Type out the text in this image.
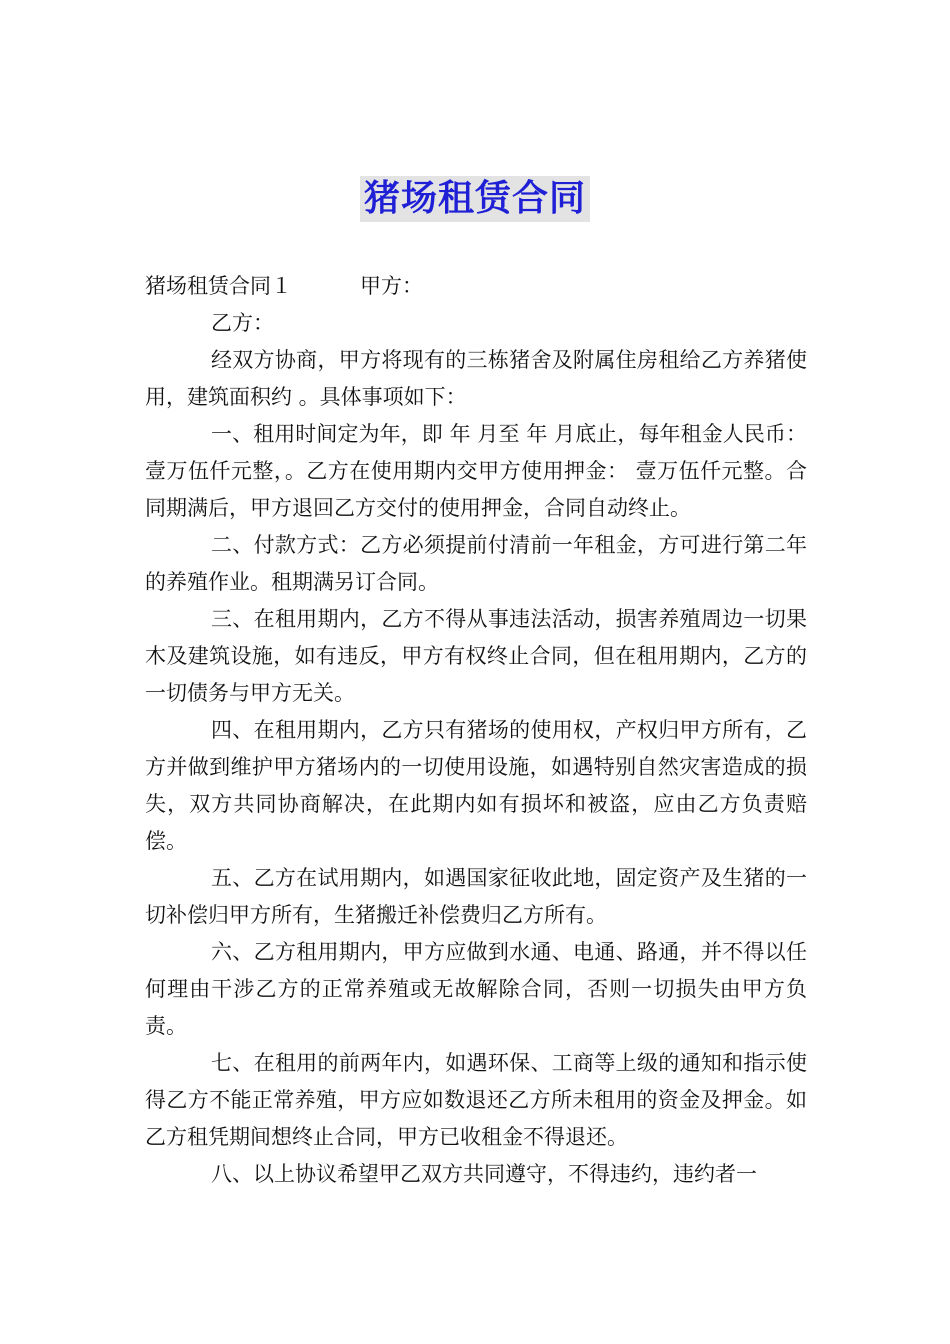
猪场租赁合同
猪场租赁合同１	甲方：

乙方：

经双方协商，甲方将现有的三栋猪舍及附属住房租给乙方养猪使用，建筑面积约 。具体事项如下：

一、租用时间定为年，即 年 月至 年 月底止，每年租金人民币：壹万伍仟元整，。乙方在使用期内交甲方使用押金： 壹万伍仟元整。合同期满后，甲方退回乙方交付的使用押金，合同自动终止。

二、付款方式：乙方必须提前付清前一年租金，方可进行第二年的养殖作业。租期满另订合同。

三、在租用期内，乙方不得从事违法活动，损害养殖周边一切果木及建筑设施，如有违反，甲方有权终止合同，但在租用期内，乙方的一切债务与甲方无关。

四、在租用期内，乙方只有猪场的使用权，产权归甲方所有，乙方并做到维护甲方猪场内的一切使用设施，如遇特别自然灾害造成的损失，双方共同协商解决，在此期内如有损坏和被盗，应由乙方负责赔偿。

五、乙方在试用期内，如遇国家征收此地，固定资产及生猪的一切补偿归甲方所有，生猪搬迁补偿费归乙方所有。

六、乙方租用期内，甲方应做到水通、电通、路通，并不得以任何理由干涉乙方的正常养殖或无故解除合同，否则一切损失由甲方负责。

七、在租用的前两年内，如遇环保、工商等上级的通知和指示使得乙方不能正常养殖，甲方应如数退还乙方所未租用的资金及押金。如乙方租凭期间想终止合同，甲方已收租金不得退还。

八、以上协议希望甲乙双方共同遵守，不得违约，违约者一
